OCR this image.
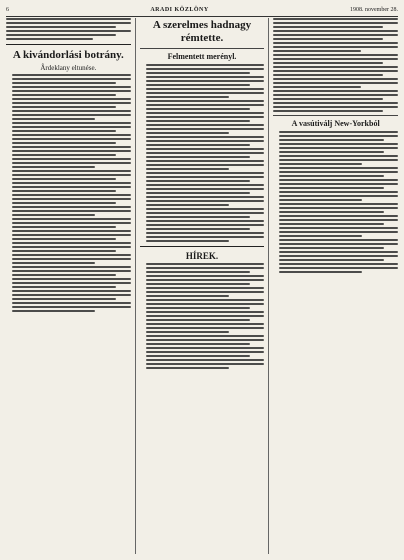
6	ARADI KÖZLÖNY	1908. november 28.
A kivándorlási botrány.
Ârdeklany eltunése.
A szerelmes hadnagy rémtette.
Felmentett merényl.
HÍREK.
A vasútiválj New-Yorkból
